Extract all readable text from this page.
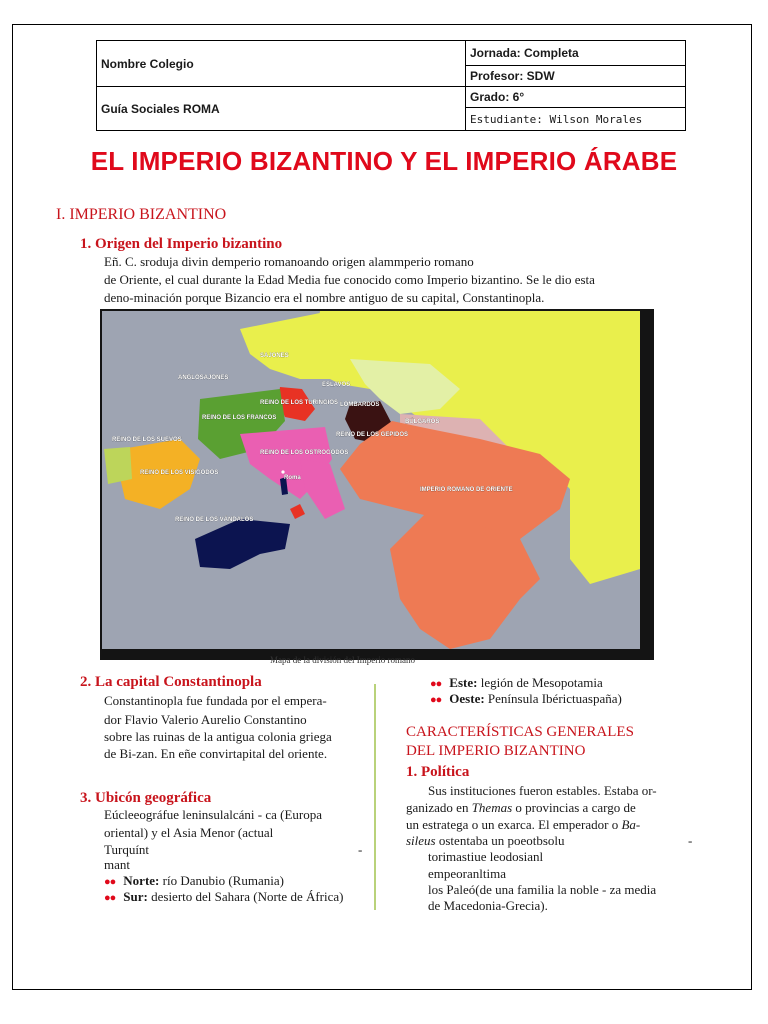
Nombre Colegio	Jornada: Completa
	Profesor: SDW
Guía Sociales ROMA	Grado: 6°
	Estudiante: Wilson Morales
EL IMPERIO BIZANTINO Y EL IMPERIO ÁRABE
I. IMPERIO BIZANTINO
1. Origen del Imperio bizantino
Eñ. C. sroduja divin demperio romanoando origen alammperio romano
de Oriente, el cual durante la Edad Media fue conocido como Imperio bizantino. Se le dio esta
deno-minación porque Bizancio era el nombre antiguo de su capital, Constantinopla.
SAJONES
ANGLOSAJONES
ESLAVOS
REINO DE LOS TURINGIOS
REINO DE LOS FRANCOS
LOMBARDOS
REINO DE LOS GEPIDOS
BÚLGAROS
REINO DE LOS SUEVOS
REINO DE LOS OSTROGODOS
REINO DE LOS VISIGODOS
Roma
IMPERIO ROMANO DE ORIENTE
REINO DE LOS VÁNDALOS
Mapa de la división del Imperio romano
2. La capital Constantinopla
Constantinopla fue fundada por el empera-
dor Flavio Valerio Aurelio Constantino
sobre las ruinas de la antigua colonia griega
de Bi-zan. En eñe convirtapital del oriente.
3. Ubicón geográfica
Eúcleeográfue leninsulalcáni - ca (Europa
oriental) y el Asia Menor (actual
Turquínt
mant
-
●● Norte: río Danubio (Rumania)
●● Sur: desierto del Sahara (Norte de África)
●● Este: legión de Mesopotamia
●● Oeste: Península Ibérictuaspaña)
CARACTERÍSTICAS GENERALES
DEL IMPERIO BIZANTINO
1. Política
Sus instituciones fueron estables. Estaba or-
ganizado en Themas o provincias a cargo de
un estratega o un exarca. El emperador o Ba-
sileus ostentaba un poeotbsolu	-
torimastiue leodosianl
empeoranltima
los Paleó(de una familia la noble - za media
de Macedonia-Grecia).
